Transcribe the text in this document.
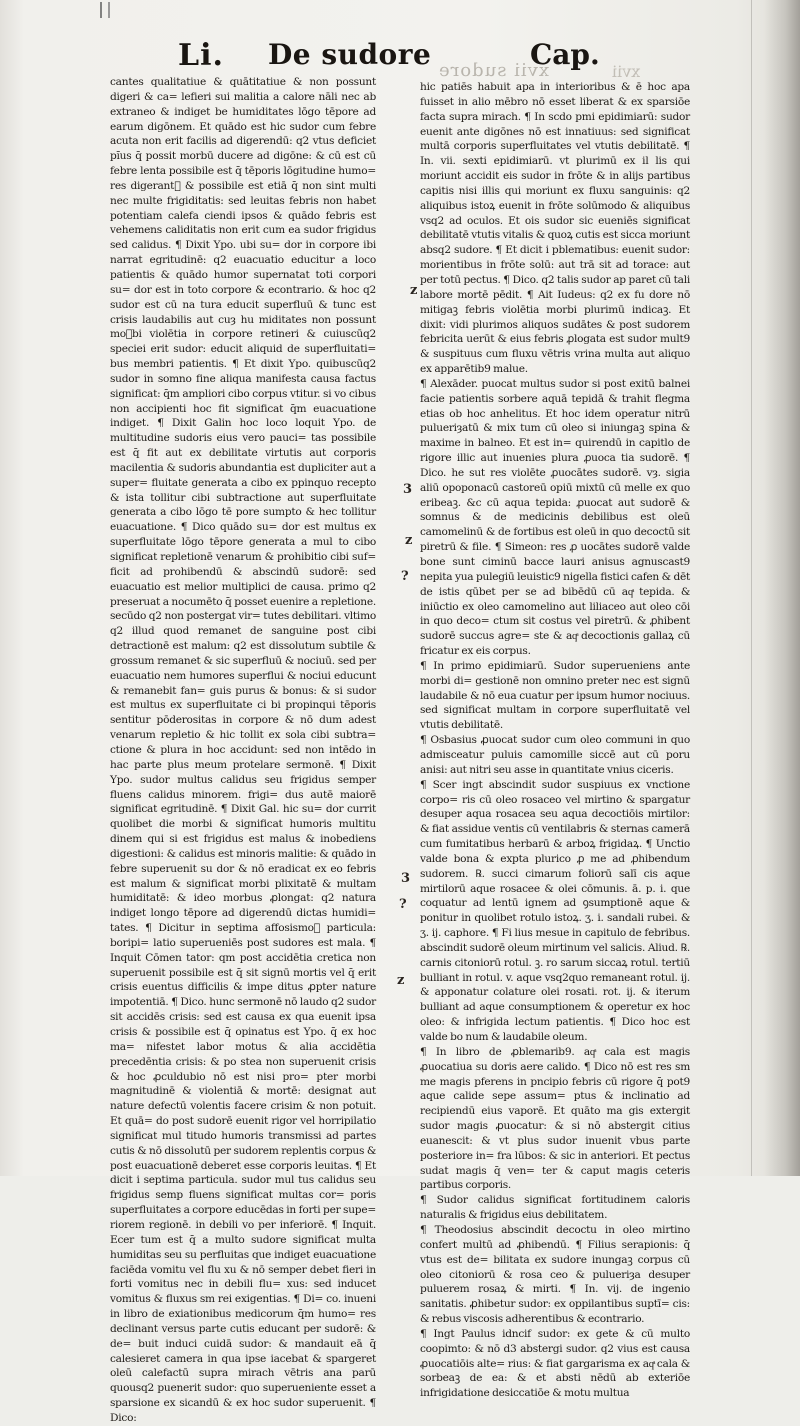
xvii sudore	xvii
Li. De sudore	Cap.

cantes qualitatiue & quātitatiue & non possunt digeri & ca= lefieri sui malitia a calore nāli nec ab extraneo & indiget be humiditates lōgo tēpore ad earum digōnem. Et quādo est hic sudor cum febre acuta non erit facilis ad digerendū: q2 vtus deficiet pı̄us q̄ possit morbū ducere ad digōne: & cū est cū febre lenta possibile est q̄ tēporis lōgitudine humo= res digerantᷓ & possibile est etiā q̄ non sint multi nec multe frigiditatis: sed leuitas febris non habet potentiam calefa ciendi ipsos & quādo febris est vehemens caliditatis non erit cum ea sudor frigidus sed calidus. ¶ Dixit Ypo. ubi su= dor in corpore ibi narrat egritudinē: q2 euacuatio educitur a loco patientis & quādo humor supernatat toti corpori su= dor est in toto corpore & econtrario. & hoc q2 sudor est cū na tura educit superfluū & tunc est crisis laudabilis aut cuȝ hu miditates non possunt moꝛbi violētia in corpore retineri & cuiuscūq2 speciei erit sudor: educit aliquid de superfluitati= bus membri patientis. ¶ Et dixit Ypo. quibuscūq2 sudor in somno fine aliqua manifesta causa factus significat: q̄m ampliori cibo corpus vtitur. si vo cibus non accipienti hoc fit significat q̄m euacuatione indiget. ¶ Dixit Galin hoc loco loquit Ypo. de multitudine sudoris eius vero pauci= tas possibile est q̄ fit aut ex debilitate virtutis aut corporis macilentia & sudoris abundantia est dupliciter aut a super= fluitate generata a cibo ex ppinquo recepto & ista tollitur cibi subtractione aut superfluitate generata a cibo lōgo tē pore sumpto & hec tollitur euacuatione. ¶ Dico quādo su= dor est multus ex superfluitate lōgo tēpore generata a mul to cibo significat repletionē venarum & prohibitio cibi suf= ficit ad prohibendū & abscindū sudorē: sed euacuatio est melior multiplici de causa. primo q2 preseruat a nocumēto q̄ posset euenire a repletione. secūdo q2 non postergat vir= tutes debilitari. vltimo q2 illud quod remanet de sanguine post cibi detractionē est malum: q2 est dissolutum subtile & grossum remanet & sic superfluū & nociuū. sed per euacuatio nem humores superflui & nociui educunt & remanebit fan= guis purus & bonus: & si sudor est multus ex superfluitate ci bi propinqui tēporis sentitur pōderositas in corpore & nō dum adest venarum repletio & hic tollit ex sola cibi subtra= ctione & plura in hoc accidunt: sed non intēdo in hac parte plus meum protelare sermonē. ¶ Dixit Ypo. sudor multus calidus seu frigidus semper fluens calidus minorem. frigi= dus autē maiorē significat egritudinē. ¶ Dixit Gal. hic su= dor currit quolibet die morbi & significat humoris multitu dinem qui si est frigidus est malus & inobediens digestioni: & calidus est minoris malitie: & quādo in febre superuenit su dor & nō eradicat ex eo febris est malum & significat morbi plixitatē & multam humiditatē: & ideo morbus ꝓlongat: q2 natura indiget longo tēpore ad digerendū dictas humidi= tates. ¶ Dicitur in septima affosismoꝝ particula: boripi= latio superueniēs post sudores est mala. ¶ Inquit Cōmen tator: qm post accidētia cretica non superuenit possibile est q̄ sit signū mortis vel q̄ erit crisis euentus difficilis & impe ditus ꝓpter nature impotentiā. ¶ Dico. hunc sermonē nō laudo q2 sudor sit accidēs crisis: sed est causa ex qua euenit ipsa crisis & possibile est q̄ opinatus est Ypo. q̄ ex hoc ma= nifestet labor motus & alia accidētia precedēntia crisis: & po stea non superuenit crisis & hoc ꝓculdubio nō est nisi pro= pter morbi magnitudinē & violentiā & mortē: designat aut nature defectū volentis facere crisim & non potuit. Et quā= do post sudorē euenit rigor vel horripilatio significat mul titudo humoris transmissi ad partes cutis & nō dissolutū per sudorem replentis corpus & post euacuationē deberet esse corporis leuitas. ¶ Et dicit i septima particula. sudor mul tus calidus seu frigidus semp fluens significat multas cor= poris superfluitates a corpore educēdas in forti per supe= riorem regionē. in debili vo per inferiorē. ¶ Inquit. Ecer tum est q̄ a multo sudore significat multa humiditas seu su perfluitas que indiget euacuatione faciēda vomitu vel flu xu & nō semper debet fieri in forti vomitus nec in debili flu= xus: sed inducet vomitus & fluxus sm rei exigentias. ¶ Di= co. inueni in libro de exiationibus medicorum q̄m humo= res declinant versus parte cutis educant per sudorē: & de= buit induci cuidā sudor: & mandauit eā q̄ calesieret camera in qua ipse iacebat & spargeret oleū calefactū supra mirach vētris ana parū quousq2 puenerit sudor: quo superueniente esset a sparsione ex sicandū & ex hoc sudor superuenit. ¶ Dico:

hic patiēs habuit apa in interioribus & ē hoc apa fuisset in alio mēbro nō esset liberat & ex sparsiōe facta supra mirach. ¶ In scdo pmi epidimiarū: sudor euenit ante digōnes nō est innatiuus: sed significat multā corporis superfluitates vel vtutis debilitatē. ¶ In. vii. sexti epidimiarū. vt plurimū ex il lis qui moriunt accidit eis sudor in frōte & in alijs partibus capitis nisi illis qui moriunt ex fluxu sanguinis: q2 aliquibus istoꝝ euenit in frōte solūmodo & aliquibus vsq2 ad oculos. Et ois sudor sic eueniēs significat debilitatē vtutis vitalis & quoꝝ cutis est sicca moriunt absq2 sudore. ¶ Et dicit i pblematibus: euenit sudor: morientibus in frōte solū: aut trā sit ad torace: aut per totū pectus. ¶ Dico. q2 talis sudor ap paret cū tali labore mortē pēdit. ¶ Ait Iudeus: q2 ex fu dore nō mitigaꝫ febris violētia morbi plurimū indicaꝫ. Et dixit: vidi plurimos aliquos sudātes & post sudorem febricita uerūt & eius febris ꝓlogata est sudor mult9 & suspituus cum fluxu vētris vrina multa aut aliquo ex apparētib9 malue.

¶ Alexāder. puocat multus sudor si post exitū balnei facie patientis sorbere aquā tepidā & trahit flegma etias ob hoc anhelitus. Et hoc idem operatur nitrū pulueriȝatū & mix tum cū oleo si iniungaꝫ spina & maxime in balneo. Et est in= quirendū in capitlo de rigore illic aut inuenies plura ꝓuoca tia sudorē. ¶ Dico. he sut res violēte ꝓuocātes sudorē. vȝ. sigia aliū opoponacū castoreū opiū mixtū cū melle ex quo eribeaꝫ. &c cū aqua tepida: ꝓuocat aut sudorē & somnus & de medicinis debilibus est oleū camomelinū & de fortibus est oleū in quo decoctū sit piretrū & file. ¶ Simeon: res ꝓ uocātes sudorē valde bone sunt ciminū bacce lauri anisus agnuscast9 nepita yua pulegiū leuistic9 nigella fistici cafen & dēt de istis qūbet per se ad bibēdū cū aqͣ tepida. & iniūctio ex oleo camomelino aut liliaceo aut oleo cōi in quo deco= ctum sit costus vel piretrū. & ꝓhibent sudorē succus agre= ste & aqͣ decoctionis gallaꝝ cū fricatur ex eis corpus.

¶ In primo epidimiarū. Sudor superueniens ante morbi di= gestionē non omnino preter nec est signū laudabile & nō eua cuatur per ipsum humor nociuus. sed significat multam in corpore superfluitatē vel vtutis debilitatē.

¶ Osbasius ꝓuocat sudor cum oleo communi in quo admisceatur puluis camomille siccē aut cū poru anisi: aut nitri seu asse in quantitate vnius ciceris.

¶ Scer ingt abscindit sudor suspiuus ex vnctione corpo= ris cū oleo rosaceo vel mirtino & spargatur desuper aqua rosacea seu aqua decoctiōis mirtilor: & fiat assidue ventis cū ventilabris & sternas camerā cum fumitatibus herbarū & arboꝝ frigidaꝝ. ¶ Unctio valde bona & expta plurico ꝓ me ad ꝓhibendum sudorem. ℞. succi cimarum foliorū salī cis aque mirtilorū aque rosacee & olei cōmunis. ā. p. i. que coquatur ad lentū ignem ad ꝯsumptionē aque & ponitur in quolibet rotulo istoꝝ. ʒ. i. sandali rubei. & ʒ. ij. caphore. ¶ Fi lius mesue in capitulo de febribus. abscindit sudorē oleum mirtinum vel salicis. Aliud. ℞. carnis citoniorū rotul. ꝫ. ro sarum siccaꝝ rotul. tertiū bulliant in rotul. v. aque vsq2quo remaneant rotul. ij. & apponatur colature olei rosati. rot. ij. & iterum bulliant ad aque consumptionem & operetur ex hoc oleo: & infrigida lectum patientis. ¶ Dico hoc est valde bo num & laudabile oleum.

¶ In libro de ꝓblemarib9. aqͣ cala est magis ꝓuocatiua su doris aere calido. ¶ Dico nō est res sm me magis pferens in pncipio febris cū rigore q̄ pot9 aque calide sepe assum= ptus & inclinatio ad recipiendū eius vaporē. Et quāto ma gis extergit sudor magis ꝓuocatur: & si nō abstergit citius euanescit: & vt plus sudor inuenit vbus parte posteriore in= fra lūbos: & sic in anteriori. Et pectus sudat magis q̄ ven= ter & caput magis ceteris partibus corporis.

¶ Sudor calidus significat fortitudinem caloris naturalis & frigidus eius debilitatem.

¶ Theodosius abscindit decoctu in oleo mirtino confert multū ad ꝓhibendū. ¶ Filius serapionis: q̄ vtus est de= bilitata ex sudore inungaꝫ corpus cū oleo citoniorū & rosa ceo & pulueriȝa desuper puluerem rosaꝝ & mirti. ¶ In. vij. de ingenio sanitatis. ꝓhibetur sudor: ex oppilantibus suptī= cis: & rebus viscosis adherentibus & econtrario.

¶ Ingt Paulus idncif sudor: ex gete & cū multo coopimto: & nō d3 abstergi sudor. q2 vius est causa ꝓuocatiōis alte= rius: & fiat gargarisma ex aqͣ cala & sorbeaꝫ de ea: & et absti nēdū ab exteriōe infrigidatione desiccatiōe & motu multua

z
3
z
?
3
?
z
